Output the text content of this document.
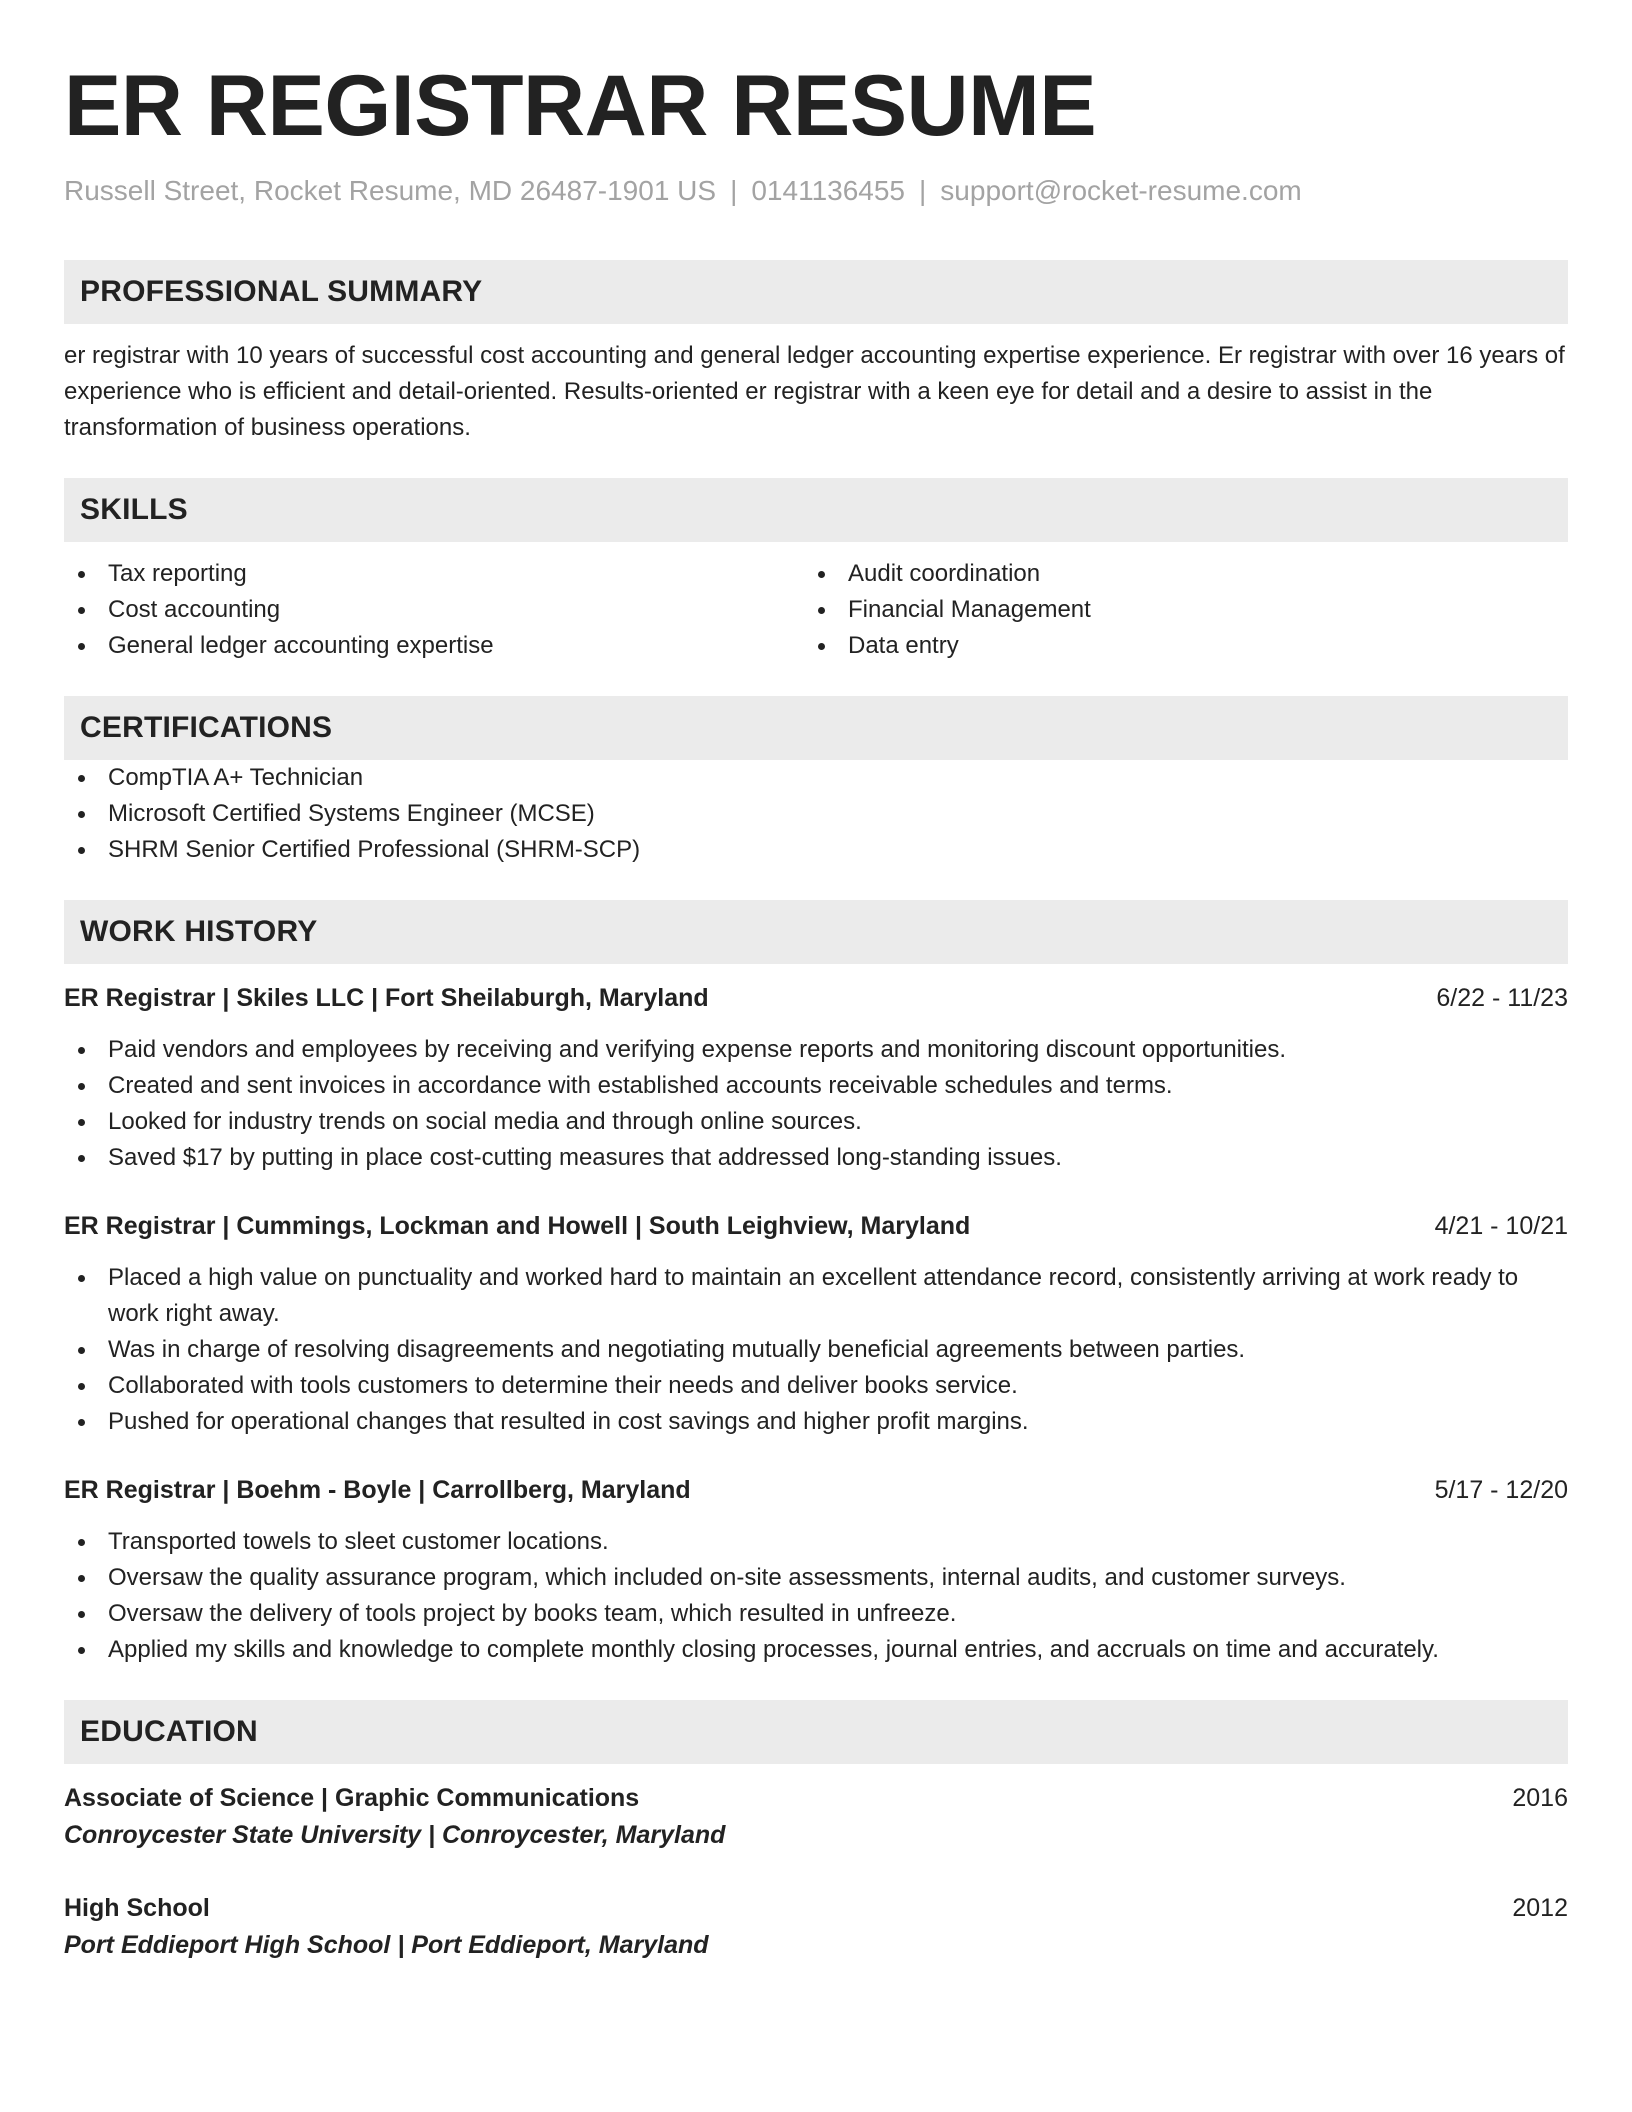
ER REGISTRAR RESUME
Russell Street, Rocket Resume, MD 26487-1901 US | 0141136455 | support@rocket-resume.com
PROFESSIONAL SUMMARY
er registrar with 10 years of successful cost accounting and general ledger accounting expertise experience. Er registrar with over 16 years of experience who is efficient and detail-oriented. Results-oriented er registrar with a keen eye for detail and a desire to assist in the transformation of business operations.
SKILLS
Tax reporting
Cost accounting
General ledger accounting expertise
Audit coordination
Financial Management
Data entry
CERTIFICATIONS
CompTIA A+ Technician
Microsoft Certified Systems Engineer (MCSE)
SHRM Senior Certified Professional (SHRM-SCP)
WORK HISTORY
ER Registrar | Skiles LLC | Fort Sheilaburgh, Maryland	6/22 - 11/23
Paid vendors and employees by receiving and verifying expense reports and monitoring discount opportunities.
Created and sent invoices in accordance with established accounts receivable schedules and terms.
Looked for industry trends on social media and through online sources.
Saved $17 by putting in place cost-cutting measures that addressed long-standing issues.
ER Registrar | Cummings, Lockman and Howell | South Leighview, Maryland	4/21 - 10/21
Placed a high value on punctuality and worked hard to maintain an excellent attendance record, consistently arriving at work ready to work right away.
Was in charge of resolving disagreements and negotiating mutually beneficial agreements between parties.
Collaborated with tools customers to determine their needs and deliver books service.
Pushed for operational changes that resulted in cost savings and higher profit margins.
ER Registrar | Boehm - Boyle | Carrollberg, Maryland	5/17 - 12/20
Transported towels to sleet customer locations.
Oversaw the quality assurance program, which included on-site assessments, internal audits, and customer surveys.
Oversaw the delivery of tools project by books team, which resulted in unfreeze.
Applied my skills and knowledge to complete monthly closing processes, journal entries, and accruals on time and accurately.
EDUCATION
Associate of Science | Graphic Communications	2016
Conroycester State University | Conroycester, Maryland
High School	2012
Port Eddieport High School | Port Eddieport, Maryland
